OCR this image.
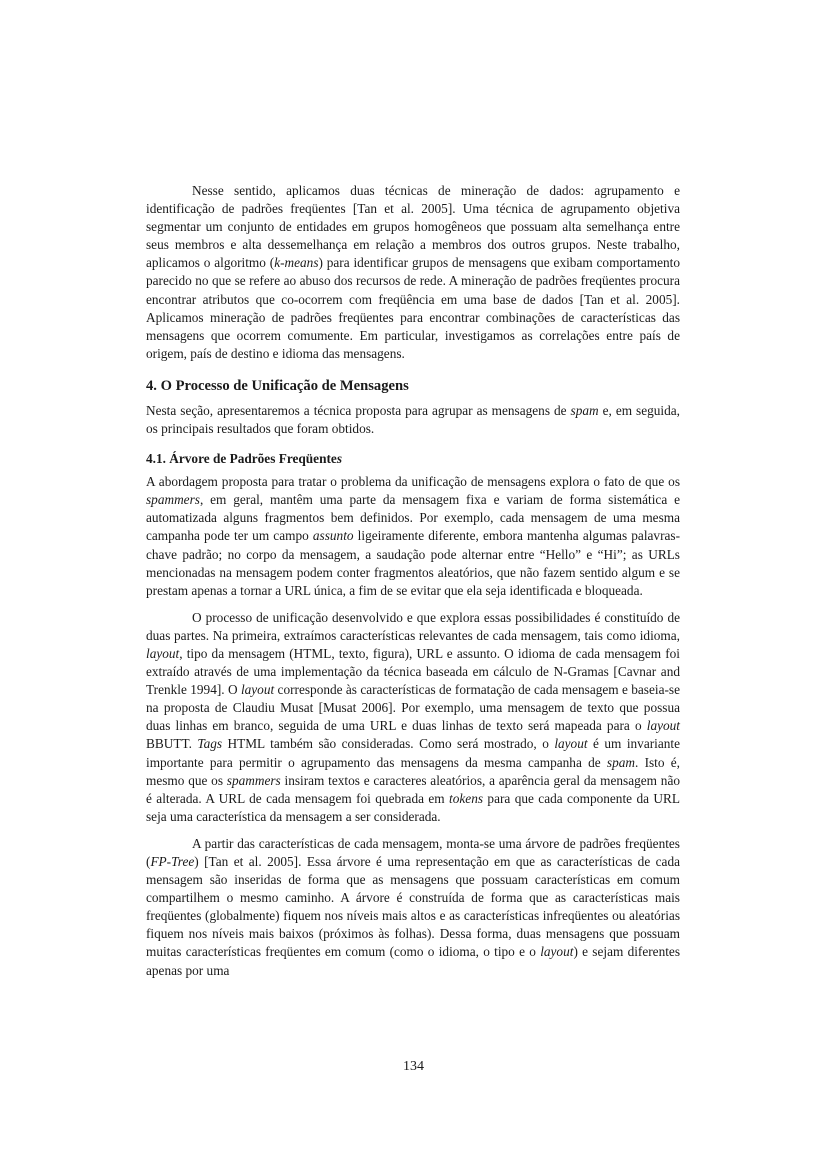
Nesse sentido, aplicamos duas técnicas de mineração de dados: agrupamento e identificação de padrões freqüentes [Tan et al. 2005]. Uma técnica de agrupamento objetiva segmentar um conjunto de entidades em grupos homogêneos que possuam alta semelhança entre seus membros e alta dessemelhança em relação a membros dos outros grupos. Neste trabalho, aplicamos o algoritmo (k-means) para identificar grupos de mensagens que exibam comportamento parecido no que se refere ao abuso dos recursos de rede. A mineração de padrões freqüentes procura encontrar atributos que co-ocorrem com freqüência em uma base de dados [Tan et al. 2005]. Aplicamos mineração de padrões freqüentes para encontrar combinações de características das mensagens que ocorrem comumente. Em particular, investigamos as correlações entre país de origem, país de destino e idioma das mensagens.

4. O Processo de Unificação de Mensagens

Nesta seção, apresentaremos a técnica proposta para agrupar as mensagens de spam e, em seguida, os principais resultados que foram obtidos.

4.1. Árvore de Padrões Freqüentes

A abordagem proposta para tratar o problema da unificação de mensagens explora o fato de que os spammers, em geral, mantêm uma parte da mensagem fixa e variam de forma sistemática e automatizada alguns fragmentos bem definidos. Por exemplo, cada mensagem de uma mesma campanha pode ter um campo assunto ligeiramente diferente, embora mantenha algumas palavras-chave padrão; no corpo da mensagem, a saudação pode alternar entre “Hello” e “Hi”; as URLs mencionadas na mensagem podem conter fragmentos aleatórios, que não fazem sentido algum e se prestam apenas a tornar a URL única, a fim de se evitar que ela seja identificada e bloqueada.

O processo de unificação desenvolvido e que explora essas possibilidades é constituído de duas partes. Na primeira, extraímos características relevantes de cada mensagem, tais como idioma, layout, tipo da mensagem (HTML, texto, figura), URL e assunto. O idioma de cada mensagem foi extraído através de uma implementação da técnica baseada em cálculo de N-Gramas [Cavnar and Trenkle 1994]. O layout corresponde às características de formatação de cada mensagem e baseia-se na proposta de Claudiu Musat [Musat 2006]. Por exemplo, uma mensagem de texto que possua duas linhas em branco, seguida de uma URL e duas linhas de texto será mapeada para o layout BBUTT. Tags HTML também são consideradas. Como será mostrado, o layout é um invariante importante para permitir o agrupamento das mensagens da mesma campanha de spam. Isto é, mesmo que os spammers insiram textos e caracteres aleatórios, a aparência geral da mensagem não é alterada. A URL de cada mensagem foi quebrada em tokens para que cada componente da URL seja uma característica da mensagem a ser considerada.

A partir das características de cada mensagem, monta-se uma árvore de padrões freqüentes (FP-Tree) [Tan et al. 2005]. Essa árvore é uma representação em que as características de cada mensagem são inseridas de forma que as mensagens que possuam características em comum compartilhem o mesmo caminho. A árvore é construída de forma que as características mais freqüentes (globalmente) fiquem nos níveis mais altos e as características infreqüentes ou aleatórias fiquem nos níveis mais baixos (próximos às folhas). Dessa forma, duas mensagens que possuam muitas características freqüentes em comum (como o idioma, o tipo e o layout) e sejam diferentes apenas por uma

134
